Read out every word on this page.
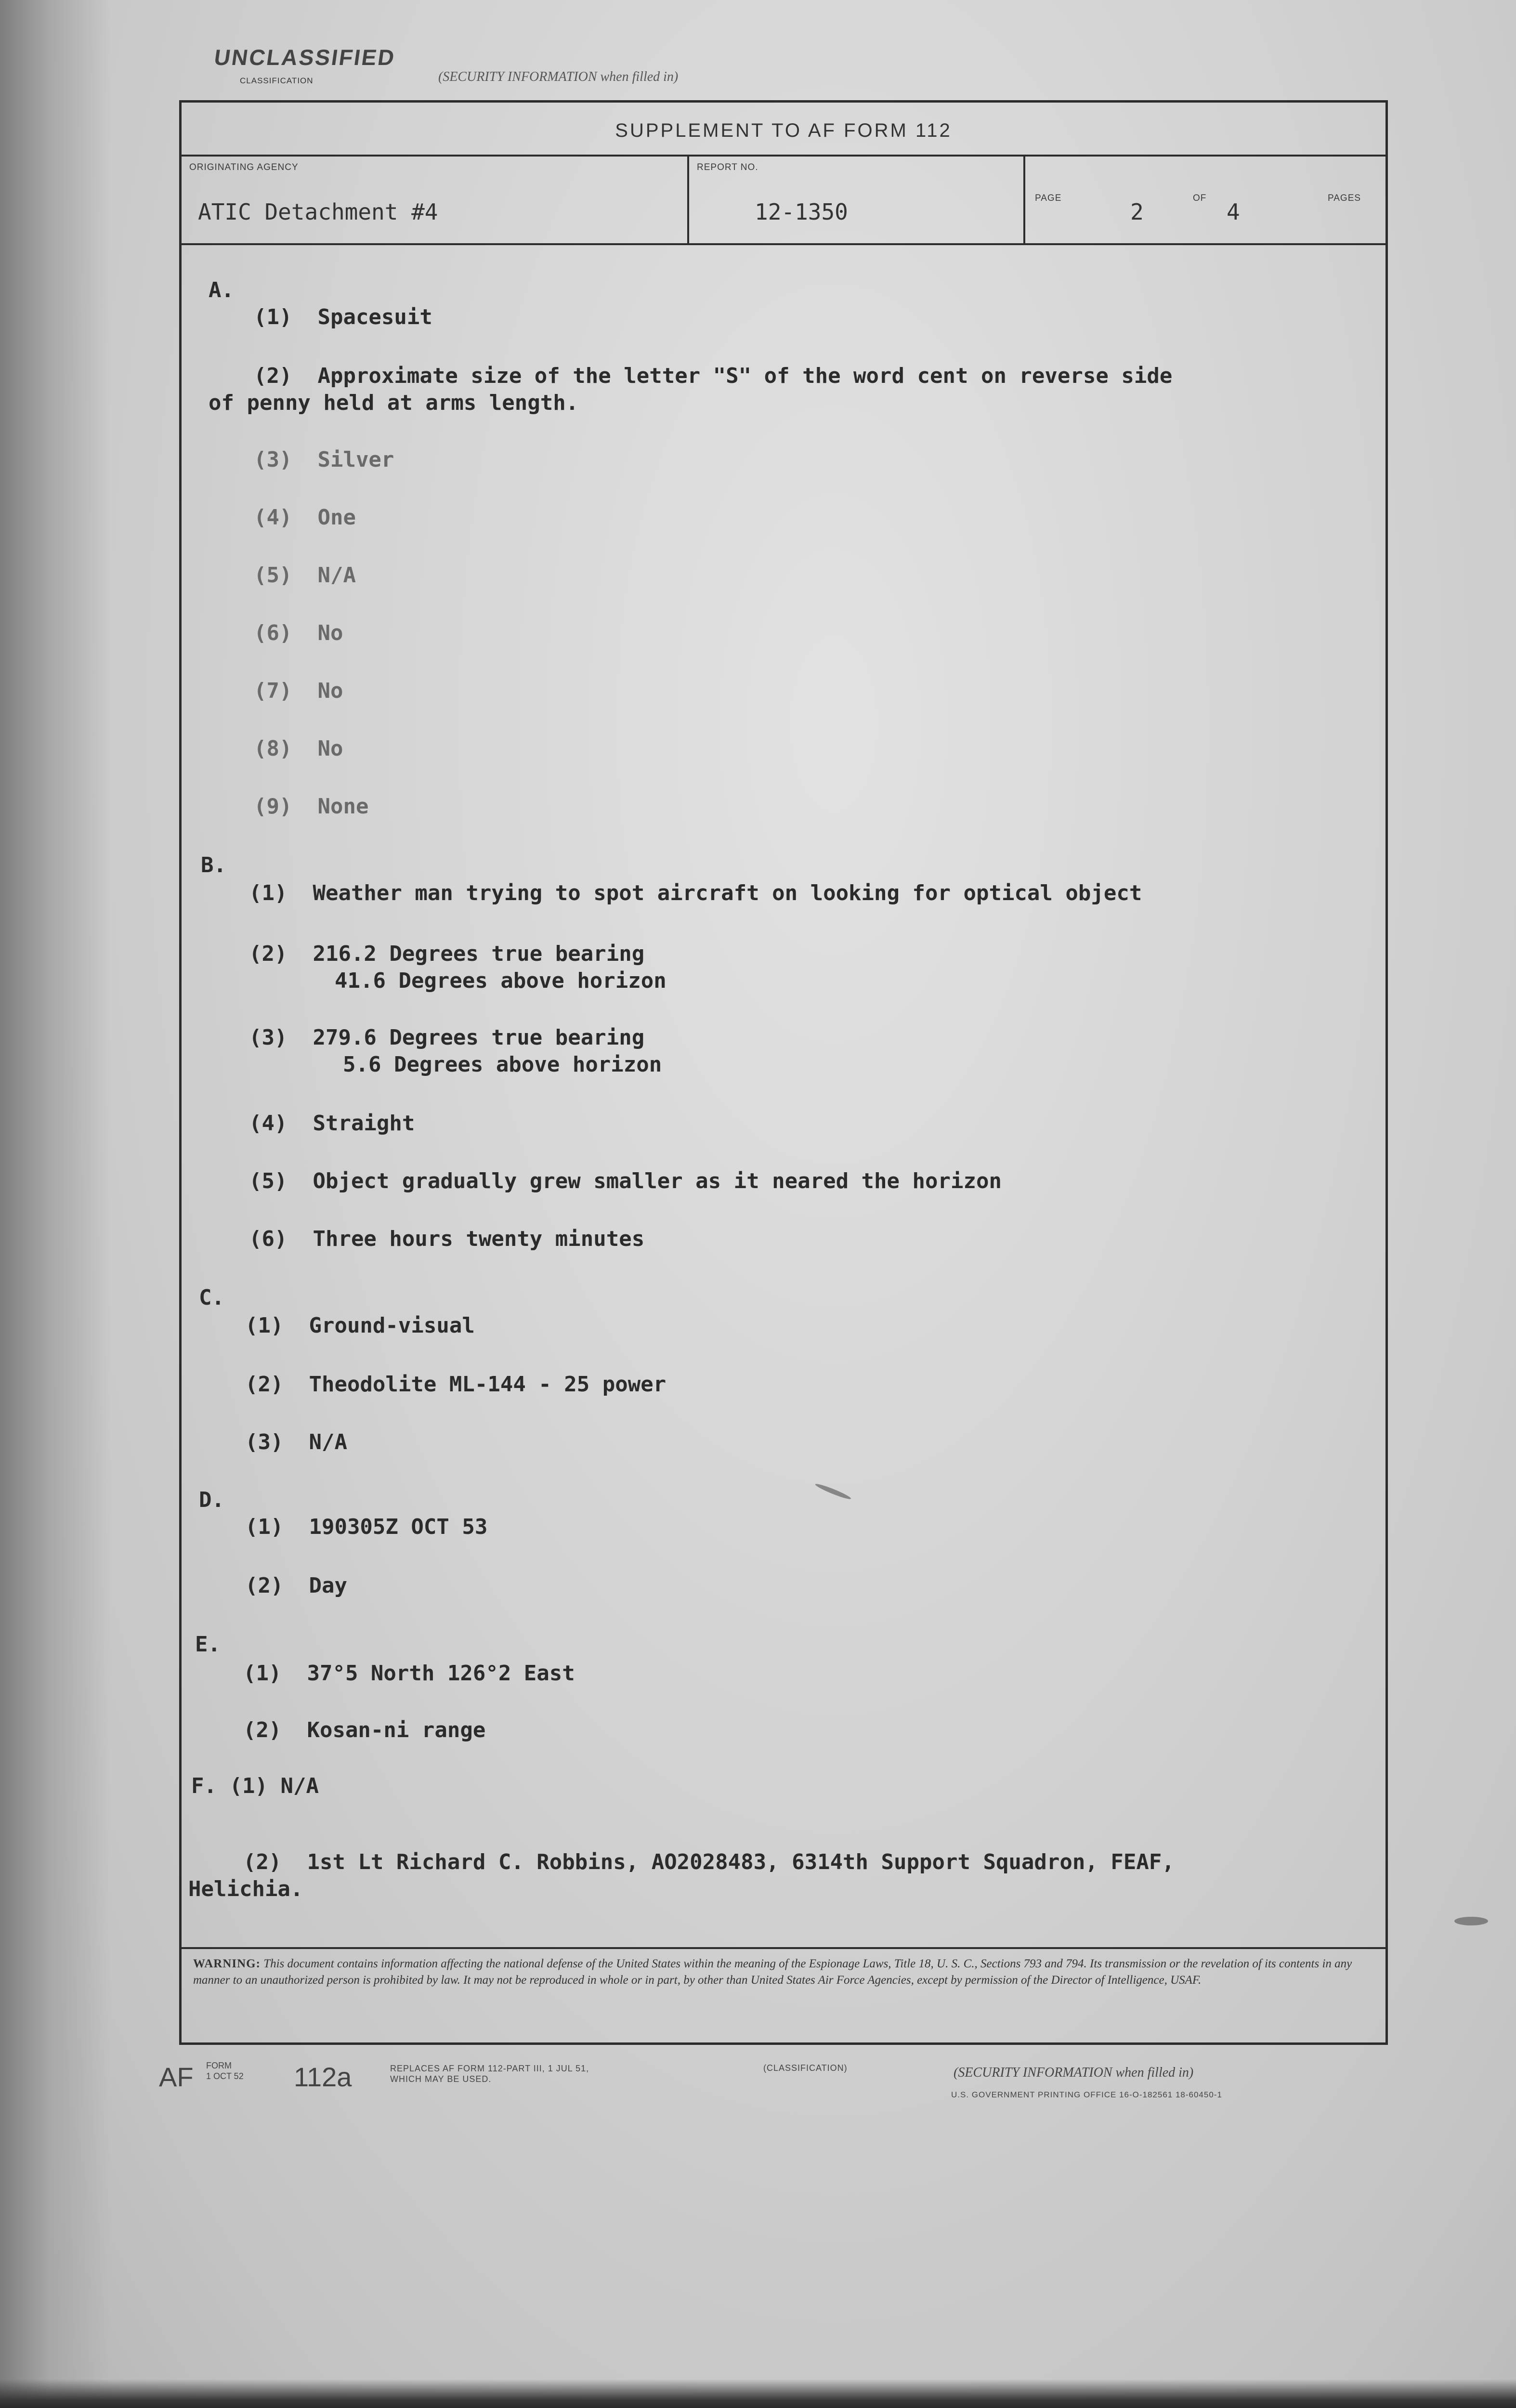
UNCLASSIFIED
CLASSIFICATION	(SECURITY INFORMATION when filled in)
SUPPLEMENT TO AF FORM 112
ORIGINATING AGENCY
ATIC Detachment #4
REPORT NO.
12-1350
PAGE
2
OF
4
PAGES
A.
(1) Spacesuit
(2) Approximate size of the letter "S" of the word cent on reverse side
of penny held at arms length.
(3) Silver
(4) One
(5) N/A
(6) No
(7) No
(8) No
(9) None
B.
(1) Weather man trying to spot aircraft on looking for optical object
(2) 216.2 Degrees true bearing
41.6 Degrees above horizon
(3) 279.6 Degrees true bearing
5.6 Degrees above horizon
(4) Straight
(5) Object gradually grew smaller as it neared the horizon
(6) Three hours twenty minutes
C.
(1) Ground-visual
(2) Theodolite ML-144 - 25 power
(3) N/A
D.
(1) 190305Z OCT 53
(2) Day
E.
(1) 37°5 North 126°2 East
(2) Kosan-ni range
F. (1) N/A
(2) 1st Lt Richard C. Robbins, AO2028483, 6314th Support Squadron, FEAF,
Helichia.
WARNING: This document contains information affecting the national defense of the United States within the meaning of the Espionage Laws, Title 18, U. S. C., Sections 793 and 794. Its transmission or the revelation of its contents in any manner to an unauthorized person is prohibited by law. It may not be reproduced in whole or in part, by other than United States Air Force Agencies, except by permission of the Director of Intelligence, USAF.
AF FORM
1 OCT 52 112a	REPLACES AF FORM 112-PART III, 1 JUL 51,
WHICH MAY BE USED.
(CLASSIFICATION)	(SECURITY INFORMATION when filled in)
U.S. GOVERNMENT PRINTING OFFICE 16-O-182561 18-60450-1
